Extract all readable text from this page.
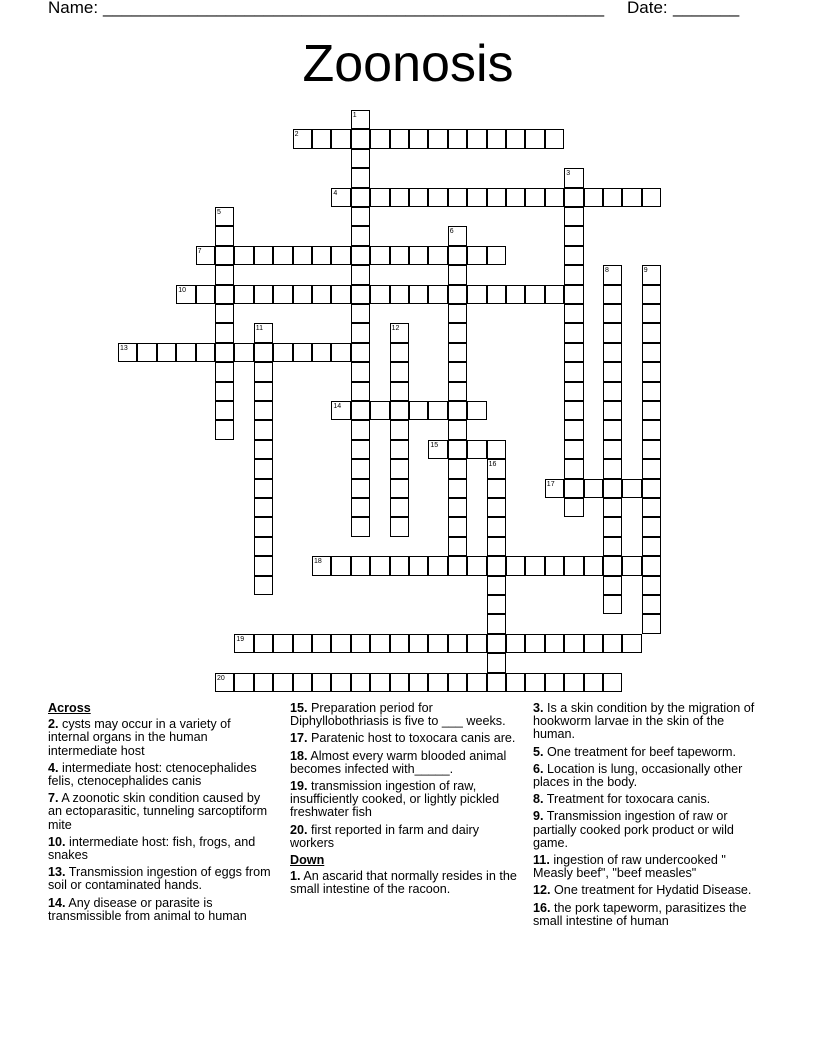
Name: _____________________________________________________ Date: _______
Zoonosis
1
2
3
4
5
6
7
8	9
10
11	12
13
14
15
16
17
18
19
20
Across
2. cysts may occur in a variety of internal organs in the human intermediate host
4. intermediate host: ctenocephalides felis, ctenocephalides canis
7. A zoonotic skin condition caused by an ectoparasitic, tunneling sarcoptiform mite
10. intermediate host: fish, frogs, and snakes
13. Transmission ingestion of eggs from soil or contaminated hands.
14. Any disease or parasite is transmissible from animal to human
15. Preparation period for Diphyllobothriasis is five to ___ weeks.
17. Paratenic host to toxocara canis are.
18. Almost every warm blooded animal becomes infected with_____.
19. transmission ingestion of raw, insufficiently cooked, or lightly pickled freshwater fish
20. first reported in farm and dairy workers
Down
1. An ascarid that normally resides in the small intestine of the racoon.
3. Is a skin condition by the migration of hookworm larvae in the skin of the human.
5. One treatment for beef tapeworm.
6. Location is lung, occasionally other places in the body.
8. Treatment for toxocara canis.
9. Transmission ingestion of raw or partially cooked pork product or wild game.
11. ingestion of raw undercooked " Measly beef", "beef measles"
12. One treatment for Hydatid Disease.
16. the pork tapeworm, parasitizes the small intestine of human
